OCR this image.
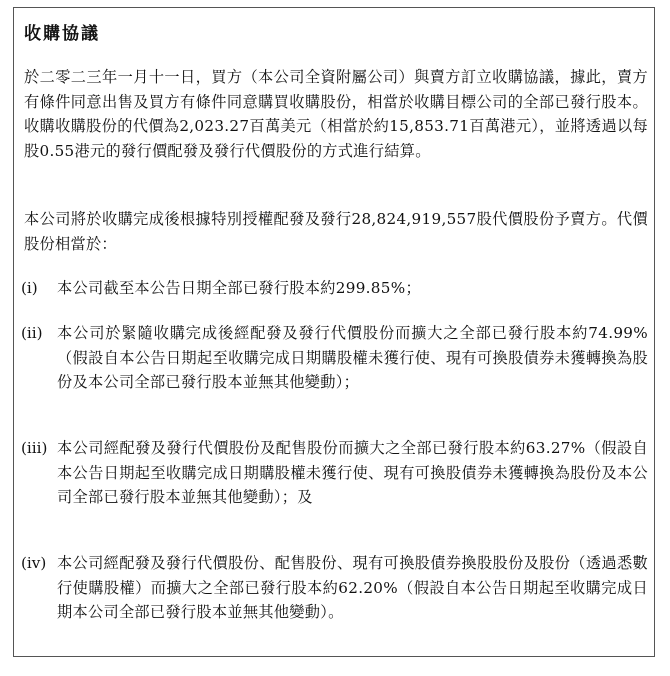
收購協議

於二零二三年一月十一日，買方（本公司全資附屬公司）與賣方訂立收購協議，據此，賣方有條件同意出售及買方有條件同意購買收購股份，相當於收購目標公司的全部已發行股本。收購收購股份的代價為2,023.27百萬美元（相當於約15,853.71百萬港元），並將透過以每股0.55港元的發行價配發及發行代價股份的方式進行結算。

本公司將於收購完成後根據特別授權配發及發行28,824,919,557股代價股份予賣方。代價股份相當於：

(i) 本公司截至本公告日期全部已發行股本約299.85%；
(ii) 本公司於緊隨收購完成後經配發及發行代價股份而擴大之全部已發行股本約74.99%（假設自本公告日期起至收購完成日期購股權未獲行使、現有可換股債券未獲轉換為股份及本公司全部已發行股本並無其他變動）；
(iii) 本公司經配發及發行代價股份及配售股份而擴大之全部已發行股本約63.27%（假設自本公告日期起至收購完成日期購股權未獲行使、現有可換股債券未獲轉換為股份及本公司全部已發行股本並無其他變動）；及
(iv) 本公司經配發及發行代價股份、配售股份、現有可換股債券換股股份及股份（透過悉數行使購股權）而擴大之全部已發行股本約62.20%（假設自本公告日期起至收購完成日期本公司全部已發行股本並無其他變動）。
